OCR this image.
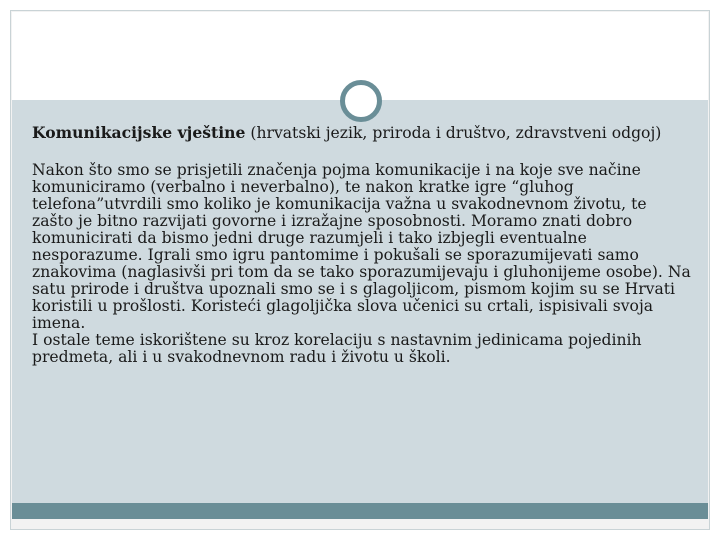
Komunikacijske vještine (hrvatski jezik, priroda i društvo, zdravstveni odgoj)

Nakon što smo se prisjetili značenja pojma komunikacije i na koje sve načine komuniciramo (verbalno i neverbalno), te nakon kratke igre “gluhog telefona”utvrdili smo koliko je komunikacija važna u svakodnevnom životu, te zašto je bitno razvijati govorne i izražajne sposobnosti. Moramo znati dobro komunicirati da bismo jedni druge razumjeli i tako izbjegli eventualne nesporazume. Igrali smo igru pantomime i pokušali se sporazumijevati samo znakovima (naglasivši pri tom da se tako sporazumijevaju i gluhonijeme osobe). Na satu prirode i društva upoznali smo se i s glagoljicom, pismom kojim su se Hrvati koristili u prošlosti. Koristeći glagoljička slova učenici su crtali, ispisivali svoja imena.

I ostale teme iskorištene su kroz korelaciju s nastavnim jedinicama pojedinih predmeta, ali i u svakodnevnom radu i životu u školi.
